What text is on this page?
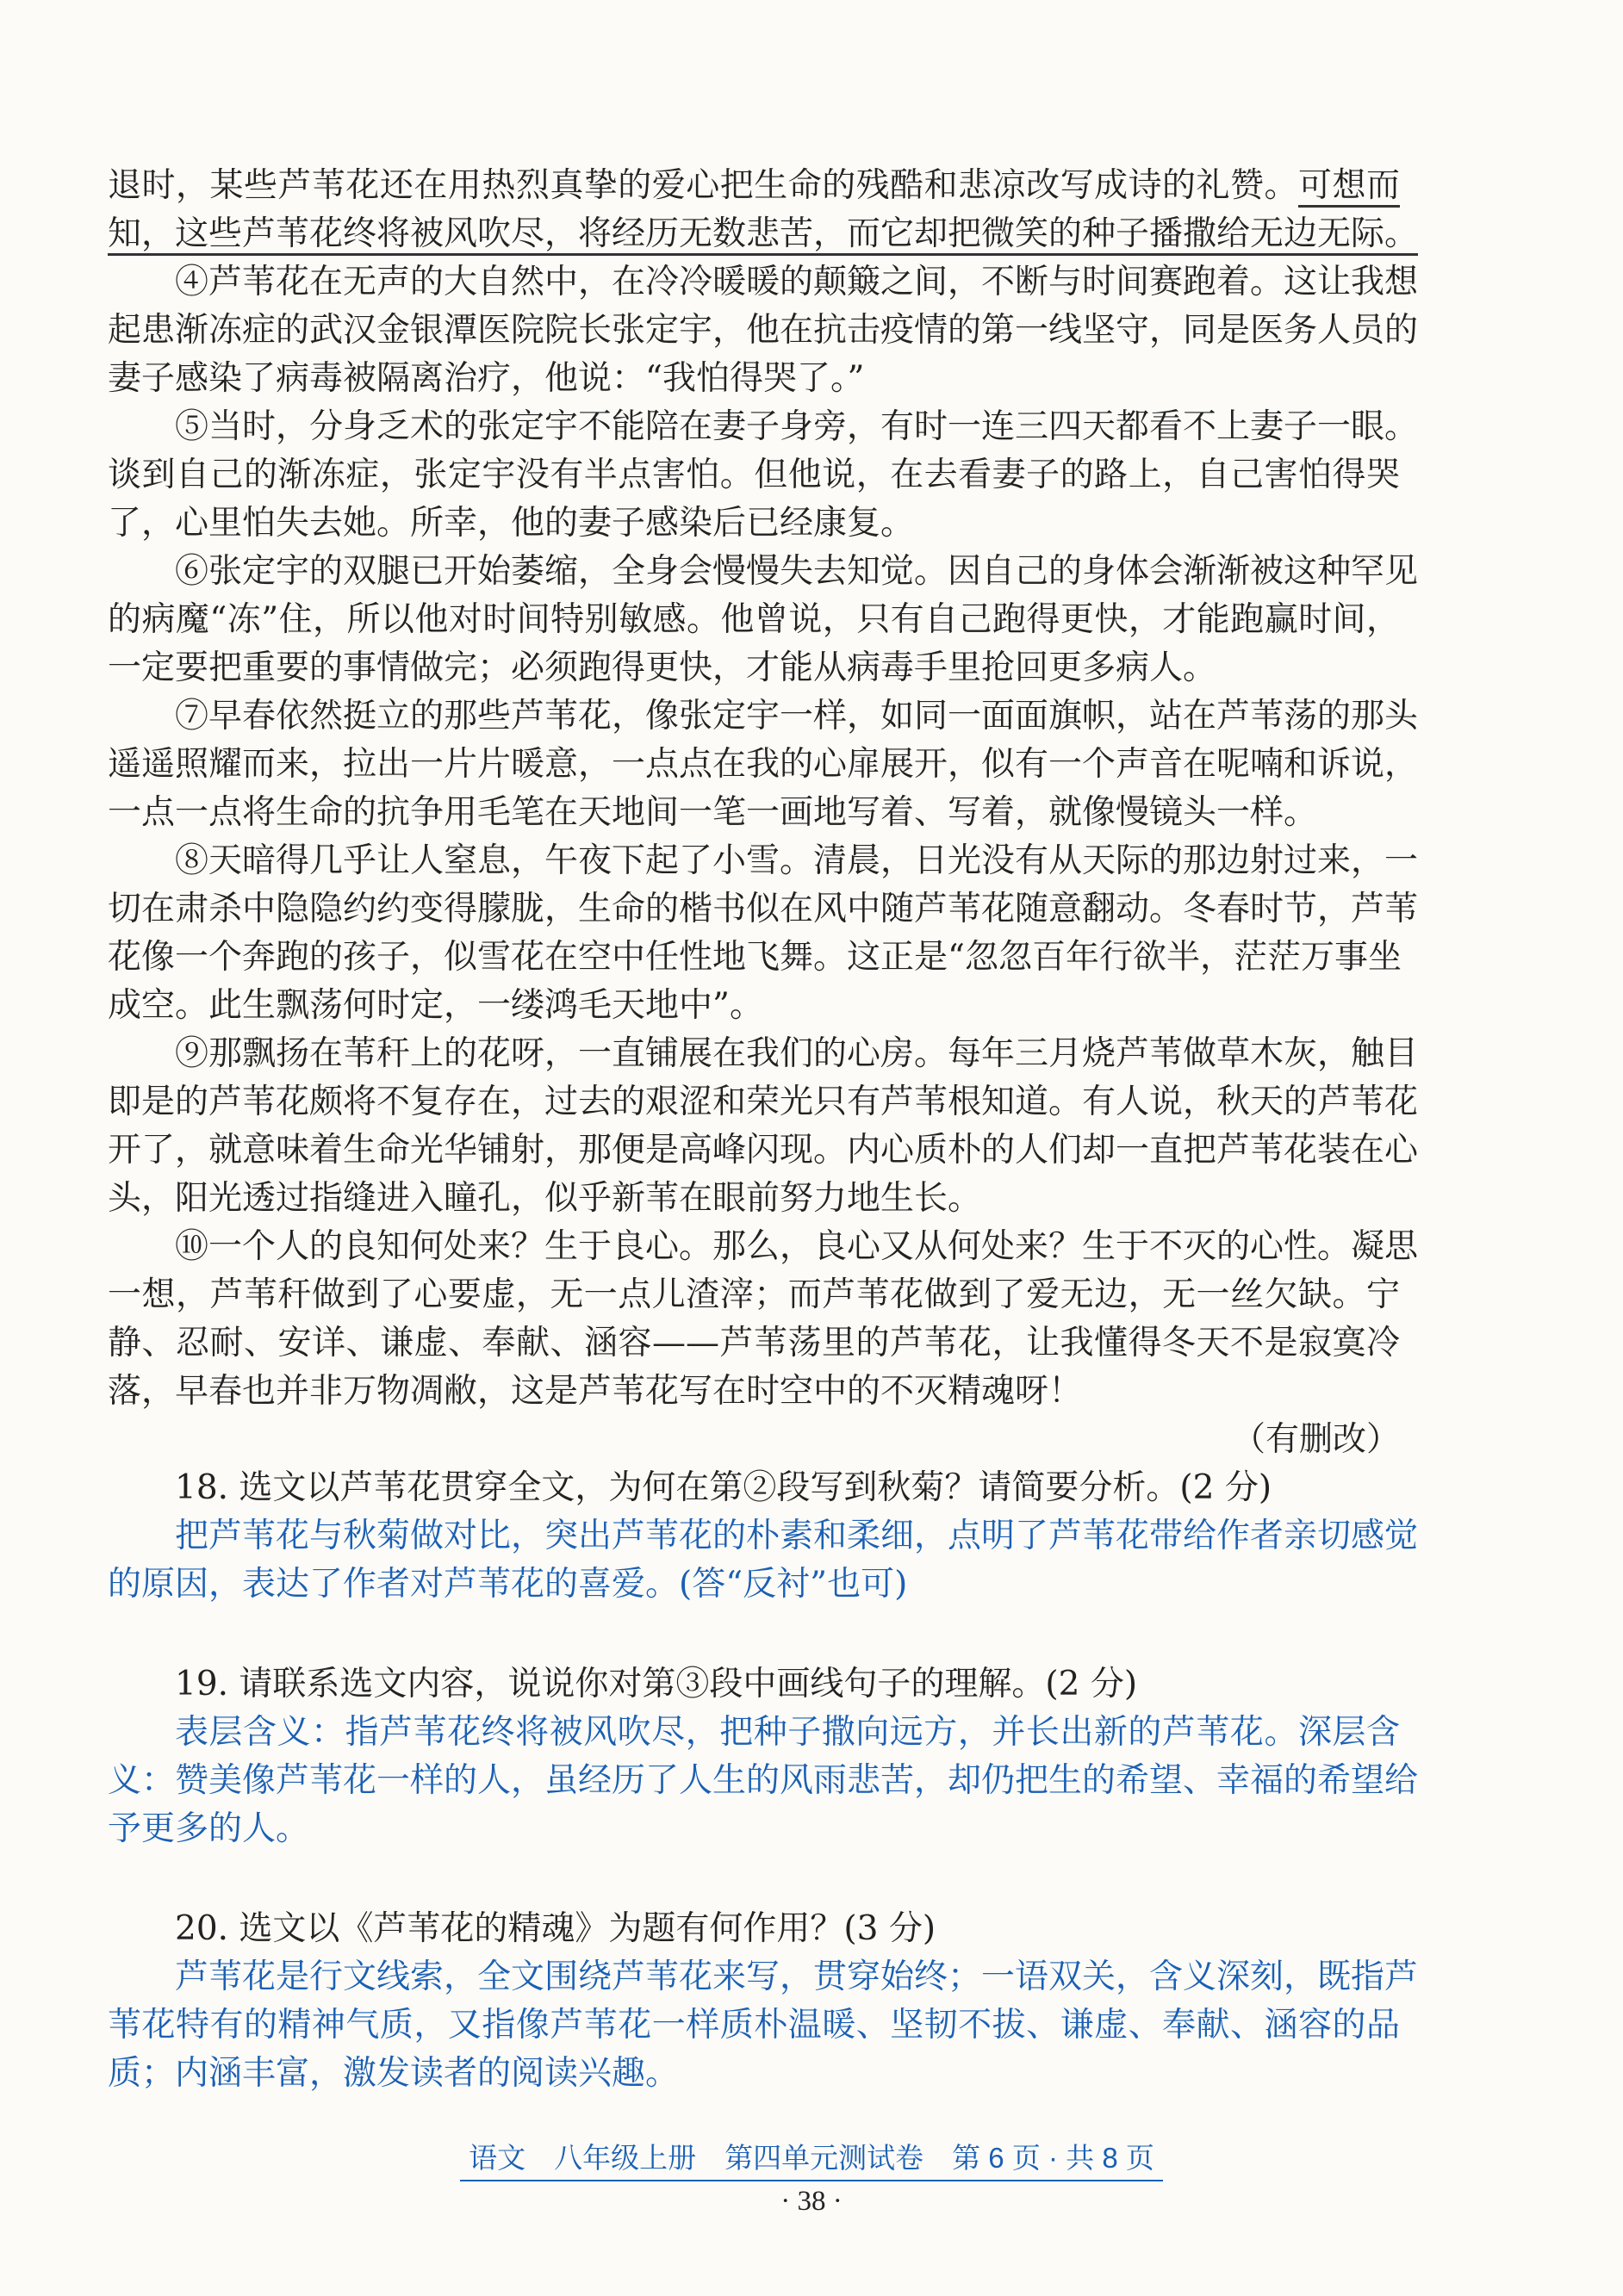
退时，某些芦苇花还在用热烈真挚的爱心把生命的残酷和悲凉改写成诗的礼赞。可想而
知，这些芦苇花终将被风吹尽，将经历无数悲苦，而它却把微笑的种子播撒给无边无际。
④芦苇花在无声的大自然中，在冷冷暖暖的颠簸之间，不断与时间赛跑着。这让我想
起患渐冻症的武汉金银潭医院院长张定宇，他在抗击疫情的第一线坚守，同是医务人员的
妻子感染了病毒被隔离治疗，他说：“我怕得哭了。”
⑤当时，分身乏术的张定宇不能陪在妻子身旁，有时一连三四天都看不上妻子一眼。
谈到自己的渐冻症，张定宇没有半点害怕。但他说，在去看妻子的路上，自己害怕得哭
了，心里怕失去她。所幸，他的妻子感染后已经康复。
⑥张定宇的双腿已开始萎缩，全身会慢慢失去知觉。因自己的身体会渐渐被这种罕见
的病魔“冻”住，所以他对时间特别敏感。他曾说，只有自己跑得更快，才能跑赢时间，
一定要把重要的事情做完；必须跑得更快，才能从病毒手里抢回更多病人。
⑦早春依然挺立的那些芦苇花，像张定宇一样，如同一面面旗帜，站在芦苇荡的那头
遥遥照耀而来，拉出一片片暖意，一点点在我的心扉展开，似有一个声音在呢喃和诉说，
一点一点将生命的抗争用毛笔在天地间一笔一画地写着、写着，就像慢镜头一样。
⑧天暗得几乎让人窒息，午夜下起了小雪。清晨，日光没有从天际的那边射过来，一
切在肃杀中隐隐约约变得朦胧，生命的楷书似在风中随芦苇花随意翻动。冬春时节，芦苇
花像一个奔跑的孩子，似雪花在空中任性地飞舞。这正是“忽忽百年行欲半，茫茫万事坐
成空。此生飘荡何时定，一缕鸿毛天地中”。
⑨那飘扬在苇秆上的花呀，一直铺展在我们的心房。每年三月烧芦苇做草木灰，触目
即是的芦苇花颇将不复存在，过去的艰涩和荣光只有芦苇根知道。有人说，秋天的芦苇花
开了，就意味着生命光华铺射，那便是高峰闪现。内心质朴的人们却一直把芦苇花装在心
头，阳光透过指缝进入瞳孔，似乎新苇在眼前努力地生长。
⑩一个人的良知何处来？生于良心。那么，良心又从何处来？生于不灭的心性。凝思
一想，芦苇秆做到了心要虚，无一点儿渣滓；而芦苇花做到了爱无边，无一丝欠缺。宁
静、忍耐、安详、谦虚、奉献、涵容——芦苇荡里的芦苇花，让我懂得冬天不是寂寞冷
落，早春也并非万物凋敝，这是芦苇花写在时空中的不灭精魂呀！
（有删改）
18. 选文以芦苇花贯穿全文，为何在第②段写到秋菊？请简要分析。(2 分)
把芦苇花与秋菊做对比，突出芦苇花的朴素和柔细，点明了芦苇花带给作者亲切感觉
的原因，表达了作者对芦苇花的喜爱。(答“反衬”也可)
19. 请联系选文内容，说说你对第③段中画线句子的理解。(2 分)
表层含义：指芦苇花终将被风吹尽，把种子撒向远方，并长出新的芦苇花。深层含
义：赞美像芦苇花一样的人，虽经历了人生的风雨悲苦，却仍把生的希望、幸福的希望给
予更多的人。
20. 选文以《芦苇花的精魂》为题有何作用？(3 分)
芦苇花是行文线索，全文围绕芦苇花来写，贯穿始终；一语双关，含义深刻，既指芦
苇花特有的精神气质，又指像芦苇花一样质朴温暖、坚韧不拔、谦虚、奉献、涵容的品
质；内涵丰富，激发读者的阅读兴趣。
语文　八年级上册　第四单元测试卷　第 6 页 · 共 8 页
· 38 ·
